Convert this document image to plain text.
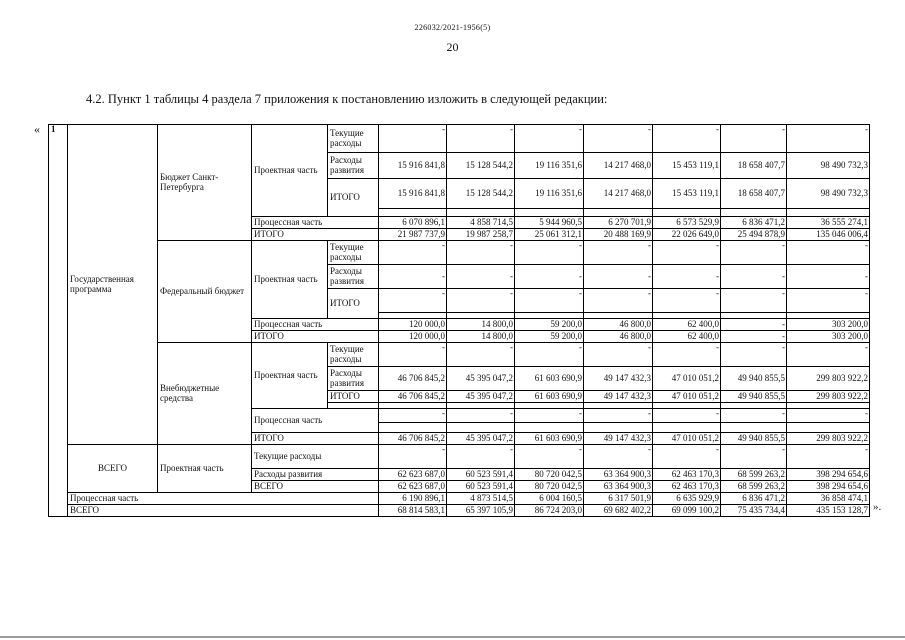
226032/2021-1956(5)
20
4.2. Пункт 1 таблицы 4 раздела 7 приложения к постановлению изложить в следующей редакции:
«
».
1	Государственная программа	Бюджет Санкт-Петербурга	Проектная часть	Текущие расходы	-	-	-	-	-	-	-
				Расходы развития	15 916 841,8	15 128 544,2	19 116 351,6	14 217 468,0	15 453 119,1	18 658 407,7	98 490 732,3
				ИТОГО	15 916 841,8	15 128 544,2	19 116 351,6	14 217 468,0	15 453 119,1	18 658 407,7	98 490 732,3

			Процессная часть		6 070 896,1	4 858 714,5	5 944 960,5	6 270 701,9	6 573 529,9	6 836 471,2	36 555 274,1
			ИТОГО		21 987 737,9	19 987 258,7	25 061 312,1	20 488 169,9	22 026 649,0	25 494 878,9	135 046 006,4
		Федеральный бюджет	Проектная часть	Текущие расходы	-	-	-	-	-	-	-
				Расходы развития	-	-	-	-	-	-	-
				ИТОГО	-	-	-	-	-	-	-

			Процессная часть		120 000,0	14 800,0	59 200,0	46 800,0	62 400,0	-	303 200,0
			ИТОГО		120 000,0	14 800,0	59 200,0	46 800,0	62 400,0	-	303 200,0
		Внебюджетные средства	Проектная часть	Текущие расходы	-	-	-	-	-	-	-
				Расходы развития	46 706 845,2	45 395 047,2	61 603 690,9	49 147 432,3	47 010 051,2	49 940 855,5	299 803 922,2
				ИТОГО	46 706 845,2	45 395 047,2	61 603 690,9	49 147 432,3	47 010 051,2	49 940 855,5	299 803 922,2

			Процессная часть		-	-	-	-	-	-	-

			ИТОГО		46 706 845,2	45 395 047,2	61 603 690,9	49 147 432,3	47 010 051,2	49 940 855,5	299 803 922,2
	ВСЕГО	Проектная часть	Текущие расходы		-	-	-	-	-	-	-
			Расходы развития		62 623 687,0	60 523 591,4	80 720 042,5	63 364 900,3	62 463 170,3	68 599 263,2	398 294 654,6
			ВСЕГО		62 623 687,0	60 523 591,4	80 720 042,5	63 364 900,3	62 463 170,3	68 599 263,2	398 294 654,6
	Процессная часть				6 190 896,1	4 873 514,5	6 004 160,5	6 317 501,9	6 635 929,9	6 836 471,2	36 858 474,1
	ВСЕГО				68 814 583,1	65 397 105,9	86 724 203,0	69 682 402,2	69 099 100,2	75 435 734,4	435 153 128,7
